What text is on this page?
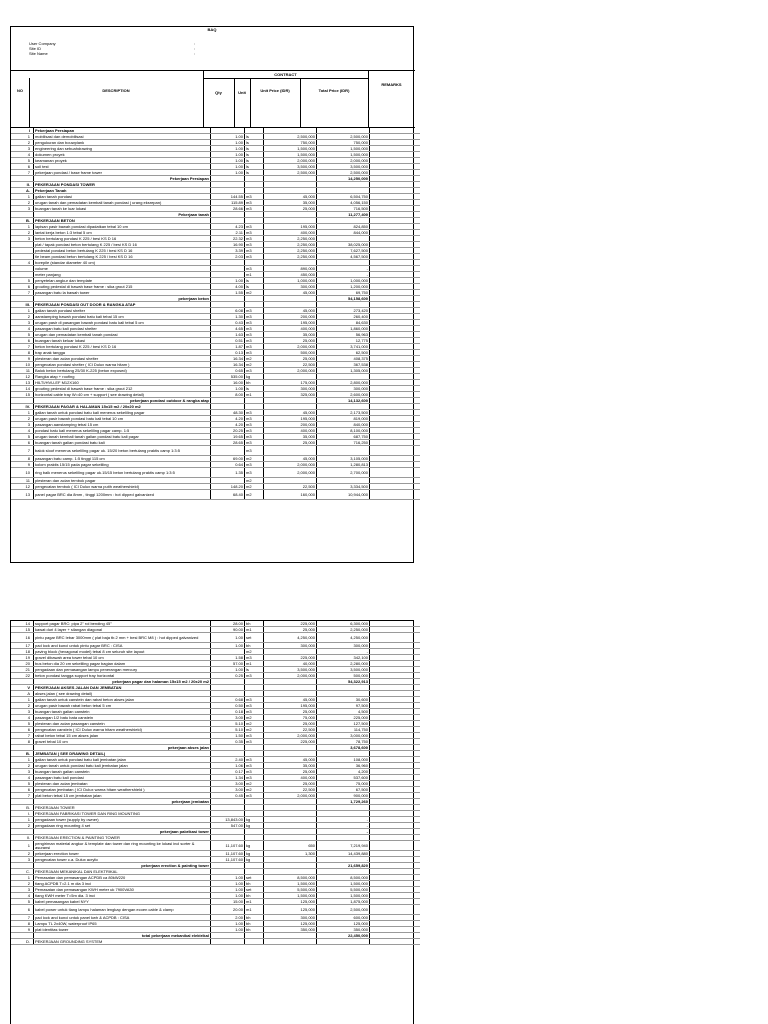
BAQ
User Company	:
Site ID	:
Site Name	:
NO	DESCRIPTION
CONTRACT
Qty	Unit	Unit Price (IDR)	Total Price (IDR)
REMARKS
I	Pekerjaan Persiapan					
1	mobilisasi dan demobilisasi	1.00	ls	2,500,000	2,500,000	
2	pengukuran dan bouwplank	1.00	ls	750,000	750,000	
3	engineering dan sebuahdrawing	1.00	ls	1,500,000	1,500,000	
4	dokumen proyek	1.00	ls	1,500,000	1,500,000	
5	keamanan proyek	1.00	ls	2,000,000	2,000,000	
6	soil test	1.00	ls	3,500,000	3,500,000	
7	pekerjaan pondasi / base frame tower	1.00	ls	2,500,000	2,500,000	
	Pekerjaan Persiapan				14,250,000	
II.	PEKERJAAN PONDASI TOWER					
A.	Pekerjaan Tanah					
1	galian tanah pondasi	144.55	m3	45,000	6,504,750	
2	urugan tanah dan pemadatan kembali tanah pondasi ( urang eksrepan)	115.89	m3	35,000	4,056,150	
3	buangan tanah ke luar lokasi	28.66	m3	25,000	716,500	
	Pekerjaan tanah				11,277,400	
B.	PEKERJAAN BETON					
1	lapisan pasir bawah pondasi dipadatkan tebal 10 cm	4.23	m3	195,000	824,850	
2	lantai kerja beton 1:3 tebal 5 cm	2.11	m3	400,000	844,000	
3	beton bertulang pondasi K 225 / besi KS D 16	22.32	m3	2,250,000		
	plat / tapak pondasi beton bertulang K 225 / besi KS D 16	16.90	m3	2,250,000	38,025,000	
	pedestal pondasi beton bertulang K 225 / besi KS D 16	3.39	m3	2,250,000	7,627,500	
	tie beam pondasi beton bertulang K 225 / besi KS D 16	2.03	m3	2,250,000	4,567,500	
4	borepile (standar diameter 40 cm)					
	volume		m3	890,000	-	
	meter panjang		m1	450,000	-	
5	penyetelan angkur dan template	1.00	ls	1,000,000	1,000,000	
6	grouting pedestal di bawah base frame : sika grout 215	4.00	ls	300,000	1,200,000	
7	pasangan batu la bawah tower	1.55	m2	45,000	69,750	
	pekerjaan beton				54,158,600	
III.	PEKERJAAN PONDASI OUT DOOR & RANGKA ATAP					
1	galian tanah pondasi shelter	6.08	m3	45,000	273,420	
2	aanstamping bawah pondasi batu kali tebal 15 cm	1.30	m3	200,000	260,400	
3	urugan pasir di pasangan bawah pondasi batu kali tebal 5 cm	0.43	m3	195,000	84,630	
4	pasangan batu kali pondasi shelter	4.65	m3	400,000	1,860,000	
5	urugan dan pemadatan kembali tanah pondasi	1.63	m3	35,000	56,963	
6	buangan tanah keluar lokasi	0.51	m3	25,000	12,775	
7	beton bertulang pondasi K 225 / besi KS D 16	1.87	m3	2,000,000	3,741,000	
8	trap anak tangga	0.13	m3	500,000	62,500	
9	plesteran dan acian pondasi shelter	16.34	m2	25,000	408,375	
10	pengecatan pondasi shelter ( ICI Dulux warna hitam )	16.34	m2	22,500	367,538	
11	Balok beton bertulang 25/30 K-225 (beton exposed)	0.65	m3	2,000,000	1,305,000	
12	Rangka atap + roofing	535.00	kg			
13	HILTI/HVU-EF M12X160	16.00	bh	175,000	2,800,000	
14	grouting pedestal di bawah base frame : sika grout 212	1.00	ls	300,000	300,000	
15	horizontal cable tray W=40 cm + support ( see drawing detail)	8.00	m1	325,000	2,600,000	
	pekerjaan pondasi outdoor & rangka atap				14,132,600	
IV.	PEKERJAAN PAGAR & HALAMAN 15x15 m2 / 20x20 m2					
1	galian tanah untuk pondasi batu kali menerus sekeliling pagar	48.30	m3	45,000	2,173,500	
2	urugan pasir bawah pondasi batu kali tebal 10 cm	4.20	m3	195,000	819,000	
3	pasangan aanstamping tebal 15 cm	4.20	m3	200,000	840,000	
4	pondasi batu kali menerus sekeliling pagar camp. 1:5	20.25	m3	400,000	8,100,000	
5	urugan tanah kembali tanah galian pondasi batu kali pagar	19.65	m3	35,000	687,750	
6	buangan tanah galian pondasi batu kali	28.65	m3	25,000	716,250	
7	balok sloof menerus sekeliling pagar uk. 15/20 beton bertulang praktis camp 1:3:5		m3			
8	pasangan batu camp. 1:5 tinggi 115 cm	69.00	m2	45,000	3,105,000	
9	kolom praktis 15/15 pada pagar sekeliling	0.64	m3	2,000,000	1,280,813	
10	ring balk menerus sekeliling pagar uk.15/15 beton bertulang praktis camp 1:3:5	1.35	m3	2,000,000	2,700,000	
11	plesteran dan acian tembok pagar		m2			
12	pengecatan tembok ( ICI Dulux warna putih weathershield)	148.20	m2	22,500	3,334,500	
13	panel pagar BRC dia 8mm , tinggi 1200mm : hot dipped galvanized	68.40	m2	160,000	10,944,000	
14	support pagar BRC: pipa 2" rol bending 45°	28.00	bh	225,000	6,300,000	
15	kawat duri 4 layer + silangan diagonal	90.00	m1	25,000	2,250,000	
16	pintu pagar BRC lebar 3000mm ( plat baja tb.2 mm + besi BRC M8 ) : hot dipped galvanized	1.00	set	4,250,000	4,250,000	
17	pad lock and kunci untuk pintu pagar BRC : CISA	1.00	bh	300,000	300,000	
18	paving block (hexagonal model) tebal 8 cm seluruh site layout		m2		-	
19	gravel dibawah area tower tebal 10 cm	1.58	m3	225,000	342,100	
20	bus beton dia 20 cm sekeliling pagar bagian dalam	57.00	m1	40,000	2,280,000	
21	pengadaan dan pemasangan lampu penerangan mercury	1.00	ls	3,500,000	3,500,000	
22	beton pondasi tangga support tray horizontal	0.25	m3	2,000,000	500,000	
	pekerjaan pagar dan halaman 15x15 m2 / 20x20 m2				54,322,913	
V	PEKERJAAN AKSES JALAN DAN JEMBATAN					
A	akses jalan ( see drawing detail)					
1	galian tanah untuk canstein dan rabat beton akses jalan	0.68	m3	45,000	30,600	
2	urugan pasir bawah rabat beton tebal 5 cm	0.50	m3	195,000	97,500	
3	buangan tanah galian canstein	0.18	m3	25,000	4,500	
4	pasangan 1/2 batu bata canstein	3.00	m2	75,000	225,000	
5	plesteran dan acian pasangan canstein	5.10	m2	25,000	127,500	
6	pengecatan canstein ( ICI Dulux warna hitam weathershield)	5.10	m2	22,500	114,750	
7	rabat beton tebal 15 cm akses jalan	1.50	m3	2,000,000	3,000,000	
8	gravel tebal 10 cm	0.35	m3	225,000	78,750	
	pekerjaan akses jalan				3,678,600	
B.	JEMBATAN ( SEE DRAWING DETAIL)					
1	galian tanah untuk pondasi batu kali jembatan jalan	2.40	m3	45,000	108,000	
2	urugan tanah untuk pondasi batu kali jembatan jalan	1.06	m3	35,000	36,960	
3	buangan tanah galian canstein	0.17	m3	25,000	4,200	
4	pasangan batu kali pondasi	1.34	m3	400,000	537,600	
5	plesteran dan acian jembatan	3.00	m2	25,000	75,000	
6	pengecatan jembatan ( ICI Dulux warna hitam weathershield )	3.00	m2	22,500	67,500	
7	plat beton tebal 15 cm jembatan jalan	0.45	m3	2,000,000	900,000	
	pekerjaan jembatan				1,729,260	
B.	PEKERJAAN TOWER					
I.	PEKERJAAN FABRIKASI TOWER DAN RING MOUNTING					
1	pengadaan tower (supply by owner)	13,843.00	kg		-	
2	pengadaan ring mounting 4 set	547.00	kg		-	
	pekerjaan pabrikasi tower				-	
II.	PEKERJAAN ERECTION & PAINTING TOWER					
1	pengiriman material angkur & template dan tower dan ring mounting ke lokasi incl sorter & asuransi	11,107.60	kg	650	7,219,940	
2	pekerjaan erection tower	11,107.60	kg	1,300	14,439,880	
3	pengecatan tower c.a. Dulux acrylic	11,107.60	kg		-	
	pekerjaan erection & painting tower				21,659,820	
C.	PEKERJAAN MEKANIKAL DAN ELEKTRIKAL					
1	Pemasatan dan pemasangan ACPDB ca 80kW220	1.00	set	8,500,000	8,500,000	
2	tiang ACPDB T=2.1 m dia 3 inci	1.00	bh	1,500,000	1,500,000	
3	Pemasatan dan pemasangan KWH meter uk 7900VA30	1.00	set	5,500,000	5,500,000	
4	tiang KWH meter T=5m dia. 3 inci	1.00	bh	1,500,000	1,500,000	
5	kabel pemasangan kabel NYY	15.00	m1	125,000	1,875,000	
6	kabel power untuk tiang lampu halaman lengkap dengan ecoen cable & clamp	20.00	m1	125,000	2,500,000	
7	pad lock and kunci untuk panel kwh & ACPDB : CISA	2.00	bh	300,000	600,000	
8	Lampu TL 2x40W, waterproof IP65	1.00	bh	125,000	125,000	
9	plat identitas tower	1.00	bh	350,000	350,000	
	total pekerjaan mekanikal elektrikal				22,450,000	
D.	PEKERJAAN GROUNDING SYSTEM					
